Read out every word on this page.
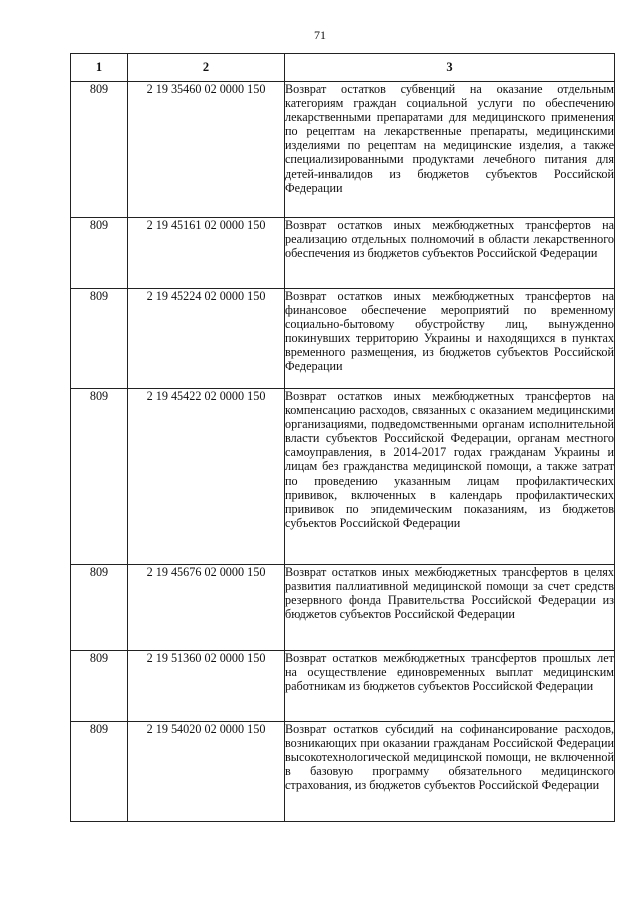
71
1	2	3
809	2 19 35460 02 0000 150	Возврат остатков субвенций на оказание отдельным категориям граждан социальной услуги по обеспечению лекарственными препаратами для медицинского применения по рецептам на лекарственные препараты, медицинскими изделиями по рецептам на медицинские изделия, а также специализированными продуктами лечебного питания для детей-инвалидов из бюджетов субъектов Российской Федерации
809	2 19 45161 02 0000 150	Возврат остатков иных межбюджетных трансфертов на реализацию отдельных полномочий в области лекарственного обеспечения из бюджетов субъектов Российской Федерации
809	2 19 45224 02 0000 150	Возврат остатков иных межбюджетных трансфертов на финансовое обеспечение мероприятий по временному социально-бытовому обустройству лиц, вынужденно покинувших территорию Украины и находящихся в пунктах временного размещения, из бюджетов субъектов Российской Федерации
809	2 19 45422 02 0000 150	Возврат остатков иных межбюджетных трансфертов на компенсацию расходов, связанных с оказанием медицинскими организациями, подведомственными органам исполнительной власти субъектов Российской Федерации, органам местного самоуправления, в 2014-2017 годах гражданам Украины и лицам без гражданства медицинской помощи, а также затрат по проведению указанным лицам профилактических прививок, включенных в календарь профилактических прививок по эпидемическим показаниям, из бюджетов субъектов Российской Федерации
809	2 19 45676 02 0000 150	Возврат остатков иных межбюджетных трансфертов в целях развития паллиативной медицинской помощи за счет средств резервного фонда Правительства Российской Федерации из бюджетов субъектов Российской Федерации
809	2 19 51360 02 0000 150	Возврат остатков межбюджетных трансфертов прошлых лет на осуществление единовременных выплат медицинским работникам из бюджетов субъектов Российской Федерации
809	2 19 54020 02 0000 150	Возврат остатков субсидий на софинансирование расходов, возникающих при оказании гражданам Российской Федерации высокотехнологической медицинской помощи, не включенной в базовую программу обязательного медицинского страхования, из бюджетов субъектов Российской Федерации
